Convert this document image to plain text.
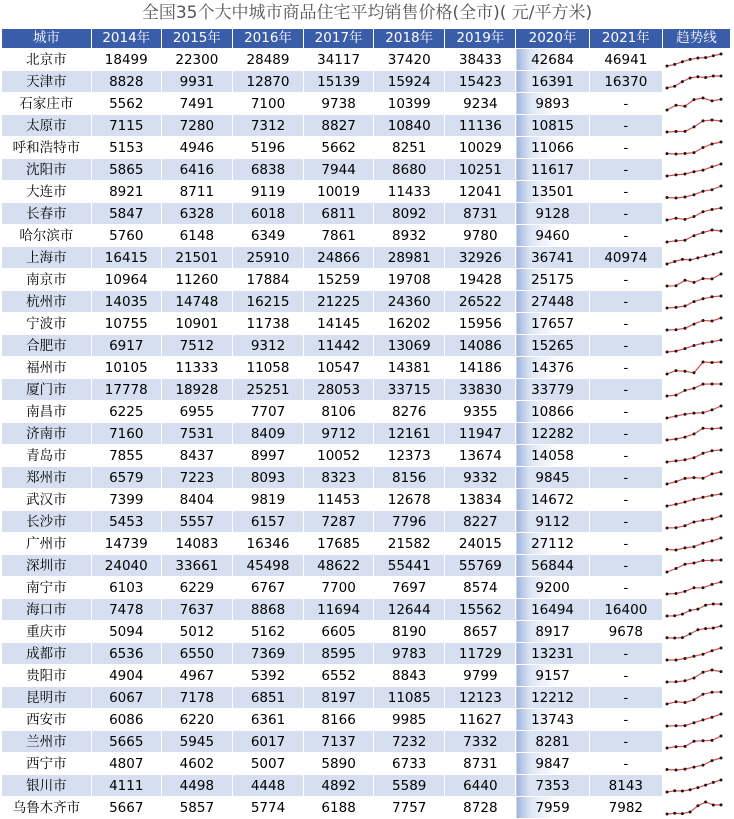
全国35个大中城市商品住宅平均销售价格(全市)( 元/平方米)
城市	2014年	2015年	2016年	2017年	2018年	2019年	2020年	2021年	趋势线
北京市	18499	22300	28489	34117	37420	38433	42684	46941	

天津市	8828	9931	12870	15139	15924	15423	16391	16370	

石家庄市	5562	7491	7100	9738	10399	9234	9893	-	

太原市	7115	7280	7312	8827	10840	11136	10815	-	

呼和浩特市	5153	4946	5196	5662	8251	10029	11066	-	

沈阳市	5865	6416	6838	7944	8680	10251	11617	-	

大连市	8921	8711	9119	10019	11433	12041	13501	-	

长春市	5847	6328	6018	6811	8092	8731	9128	-	

哈尔滨市	5760	6148	6349	7861	8932	9780	9460	-	

上海市	16415	21501	25910	24866	28981	32926	36741	40974	

南京市	10964	11260	17884	15259	19708	19428	25175	-	

杭州市	14035	14748	16215	21225	24360	26522	27448	-	

宁波市	10755	10901	11738	14145	16202	15956	17657	-	

合肥市	6917	7512	9312	11442	13069	14086	15265	-	

福州市	10105	11333	11058	10547	14381	14186	14376	-	

厦门市	17778	18928	25251	28053	33715	33830	33779	-	

南昌市	6225	6955	7707	8106	8276	9355	10866	-	

济南市	7160	7531	8409	9712	12161	11947	12282	-	

青岛市	7855	8437	8997	10052	12373	13674	14058	-	

郑州市	6579	7223	8093	8323	8156	9332	9845	-	

武汉市	7399	8404	9819	11453	12678	13834	14672	-	

长沙市	5453	5557	6157	7287	7796	8227	9112	-	

广州市	14739	14083	16346	17685	21582	24015	27112	-	

深圳市	24040	33661	45498	48622	55441	55769	56844	-	

南宁市	6103	6229	6767	7700	7697	8574	9200	-	

海口市	7478	7637	8868	11694	12644	15562	16494	16400	

重庆市	5094	5012	5162	6605	8190	8657	8917	9678	

成都市	6536	6550	7369	8595	9783	11729	13231	-	

贵阳市	4904	4967	5392	6552	8843	9799	9157	-	

昆明市	6067	7178	6851	8197	11085	12123	12212	-	

西安市	6086	6220	6361	8166	9985	11627	13743	-	

兰州市	5665	5945	6017	7137	7232	7332	8281	-	

西宁市	4807	4602	5007	5890	6733	8731	9847	-	

银川市	4111	4498	4448	4892	5589	6440	7353	8143	

乌鲁木齐市	5667	5857	5774	6188	7757	8728	7959	7982	
